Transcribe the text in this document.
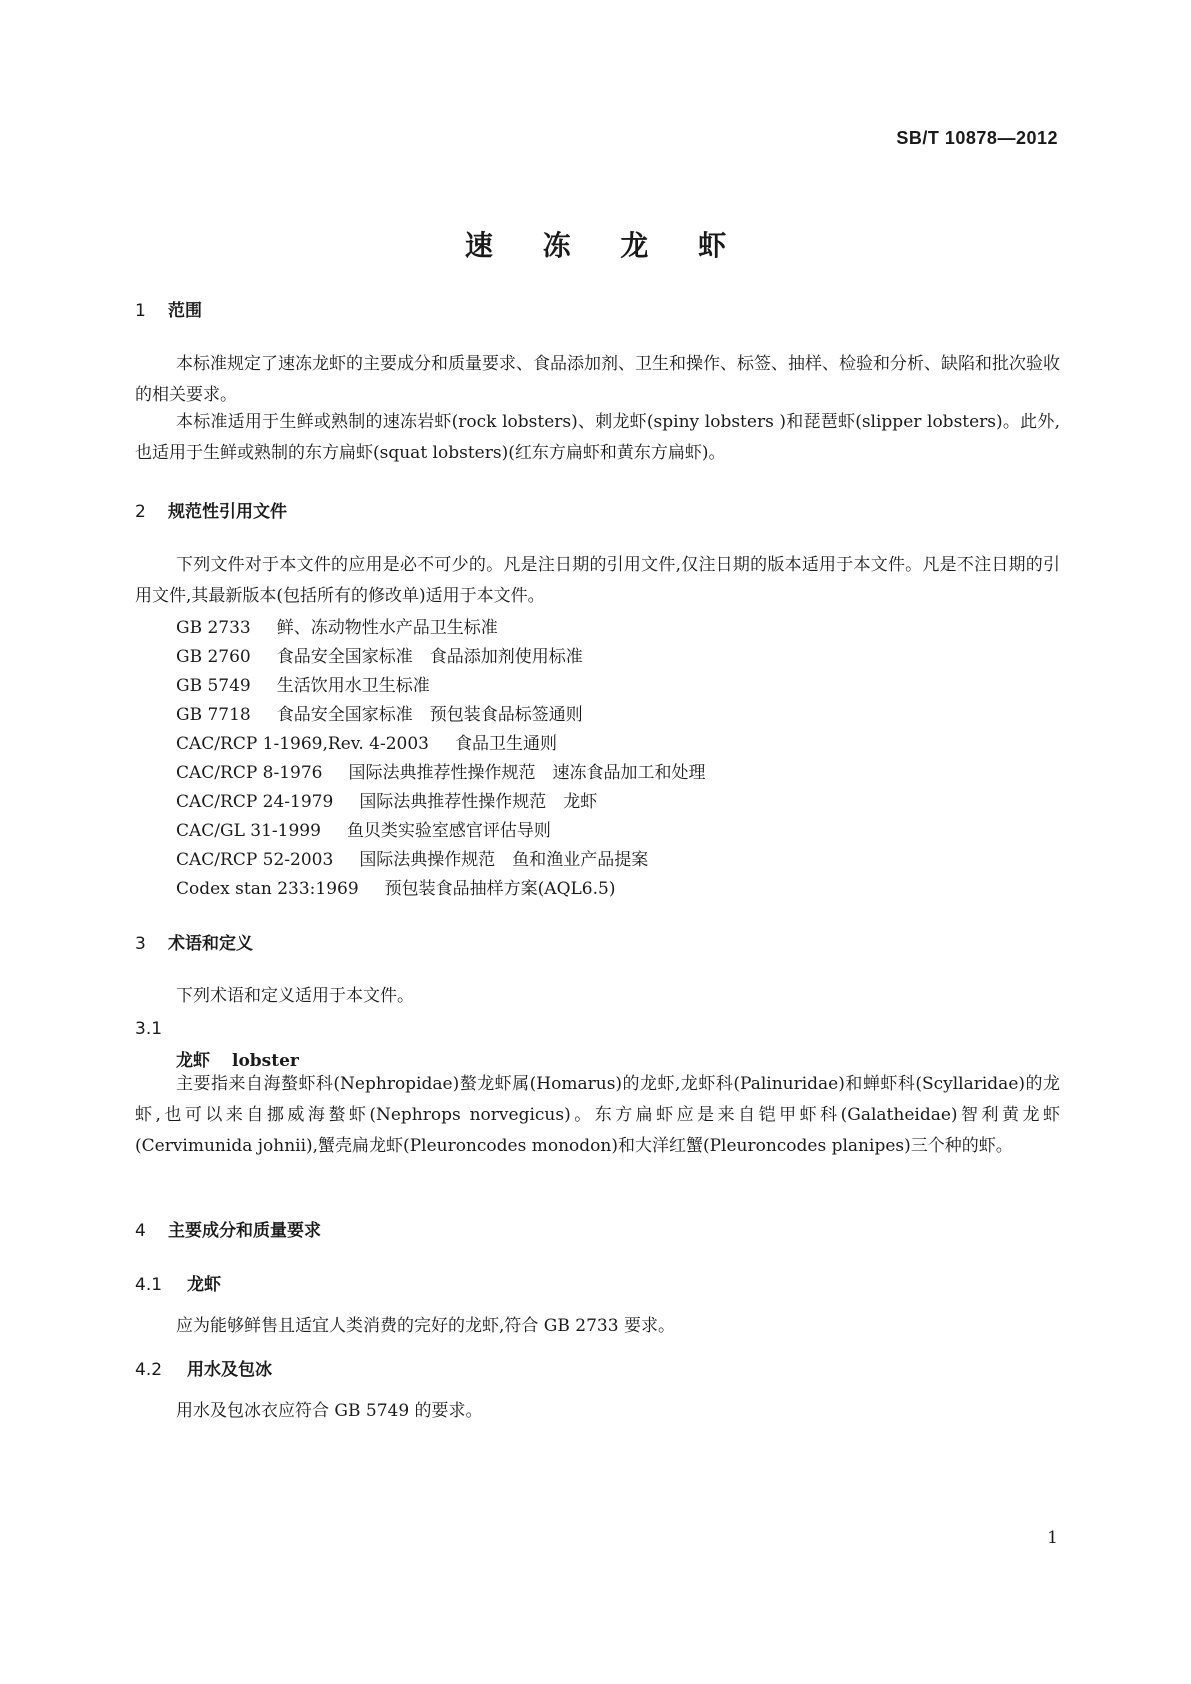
SB/T 10878—2012
速 冻 龙 虾
1 范围
本标准规定了速冻龙虾的主要成分和质量要求、食品添加剂、卫生和操作、标签、抽样、检验和分析、缺陷和批次验收的相关要求。
本标准适用于生鲜或熟制的速冻岩虾(rock lobsters)、刺龙虾(spiny lobsters )和琵琶虾(slipper lobsters)。此外,也适用于生鲜或熟制的东方扁虾(squat lobsters)(红东方扁虾和黄东方扁虾)。
2 规范性引用文件
下列文件对于本文件的应用是必不可少的。凡是注日期的引用文件,仅注日期的版本适用于本文件。凡是不注日期的引用文件,其最新版本(包括所有的修改单)适用于本文件。
GB 2733 鲜、冻动物性水产品卫生标准
GB 2760 食品安全国家标准　食品添加剂使用标准
GB 5749 生活饮用水卫生标准
GB 7718 食品安全国家标准　预包装食品标签通则
CAC/RCP 1-1969,Rev. 4-2003 食品卫生通则
CAC/RCP 8-1976 国际法典推荐性操作规范　速冻食品加工和处理
CAC/RCP 24-1979 国际法典推荐性操作规范　龙虾
CAC/GL 31-1999 鱼贝类实验室感官评估导则
CAC/RCP 52-2003 国际法典操作规范　鱼和渔业产品提案
Codex stan 233:1969 预包装食品抽样方案(AQL6.5)
3 术语和定义
下列术语和定义适用于本文件。
3.1
龙虾 lobster
主要指来自海螯虾科(Nephropidae)螯龙虾属(Homarus)的龙虾,龙虾科(Palinuridae)和蝉虾科(Scyllaridae)的龙虾,也可以来自挪威海螯虾(Nephrops norvegicus)。东方扁虾应是来自铠甲虾科(Galatheidae)智利黄龙虾(Cervimunida johnii),蟹壳扁龙虾(Pleuroncodes monodon)和大洋红蟹(Pleuroncodes planipes)三个种的虾。
4 主要成分和质量要求
4.1 龙虾
应为能够鲜售且适宜人类消费的完好的龙虾,符合 GB 2733 要求。
4.2 用水及包冰
用水及包冰衣应符合 GB 5749 的要求。
1
